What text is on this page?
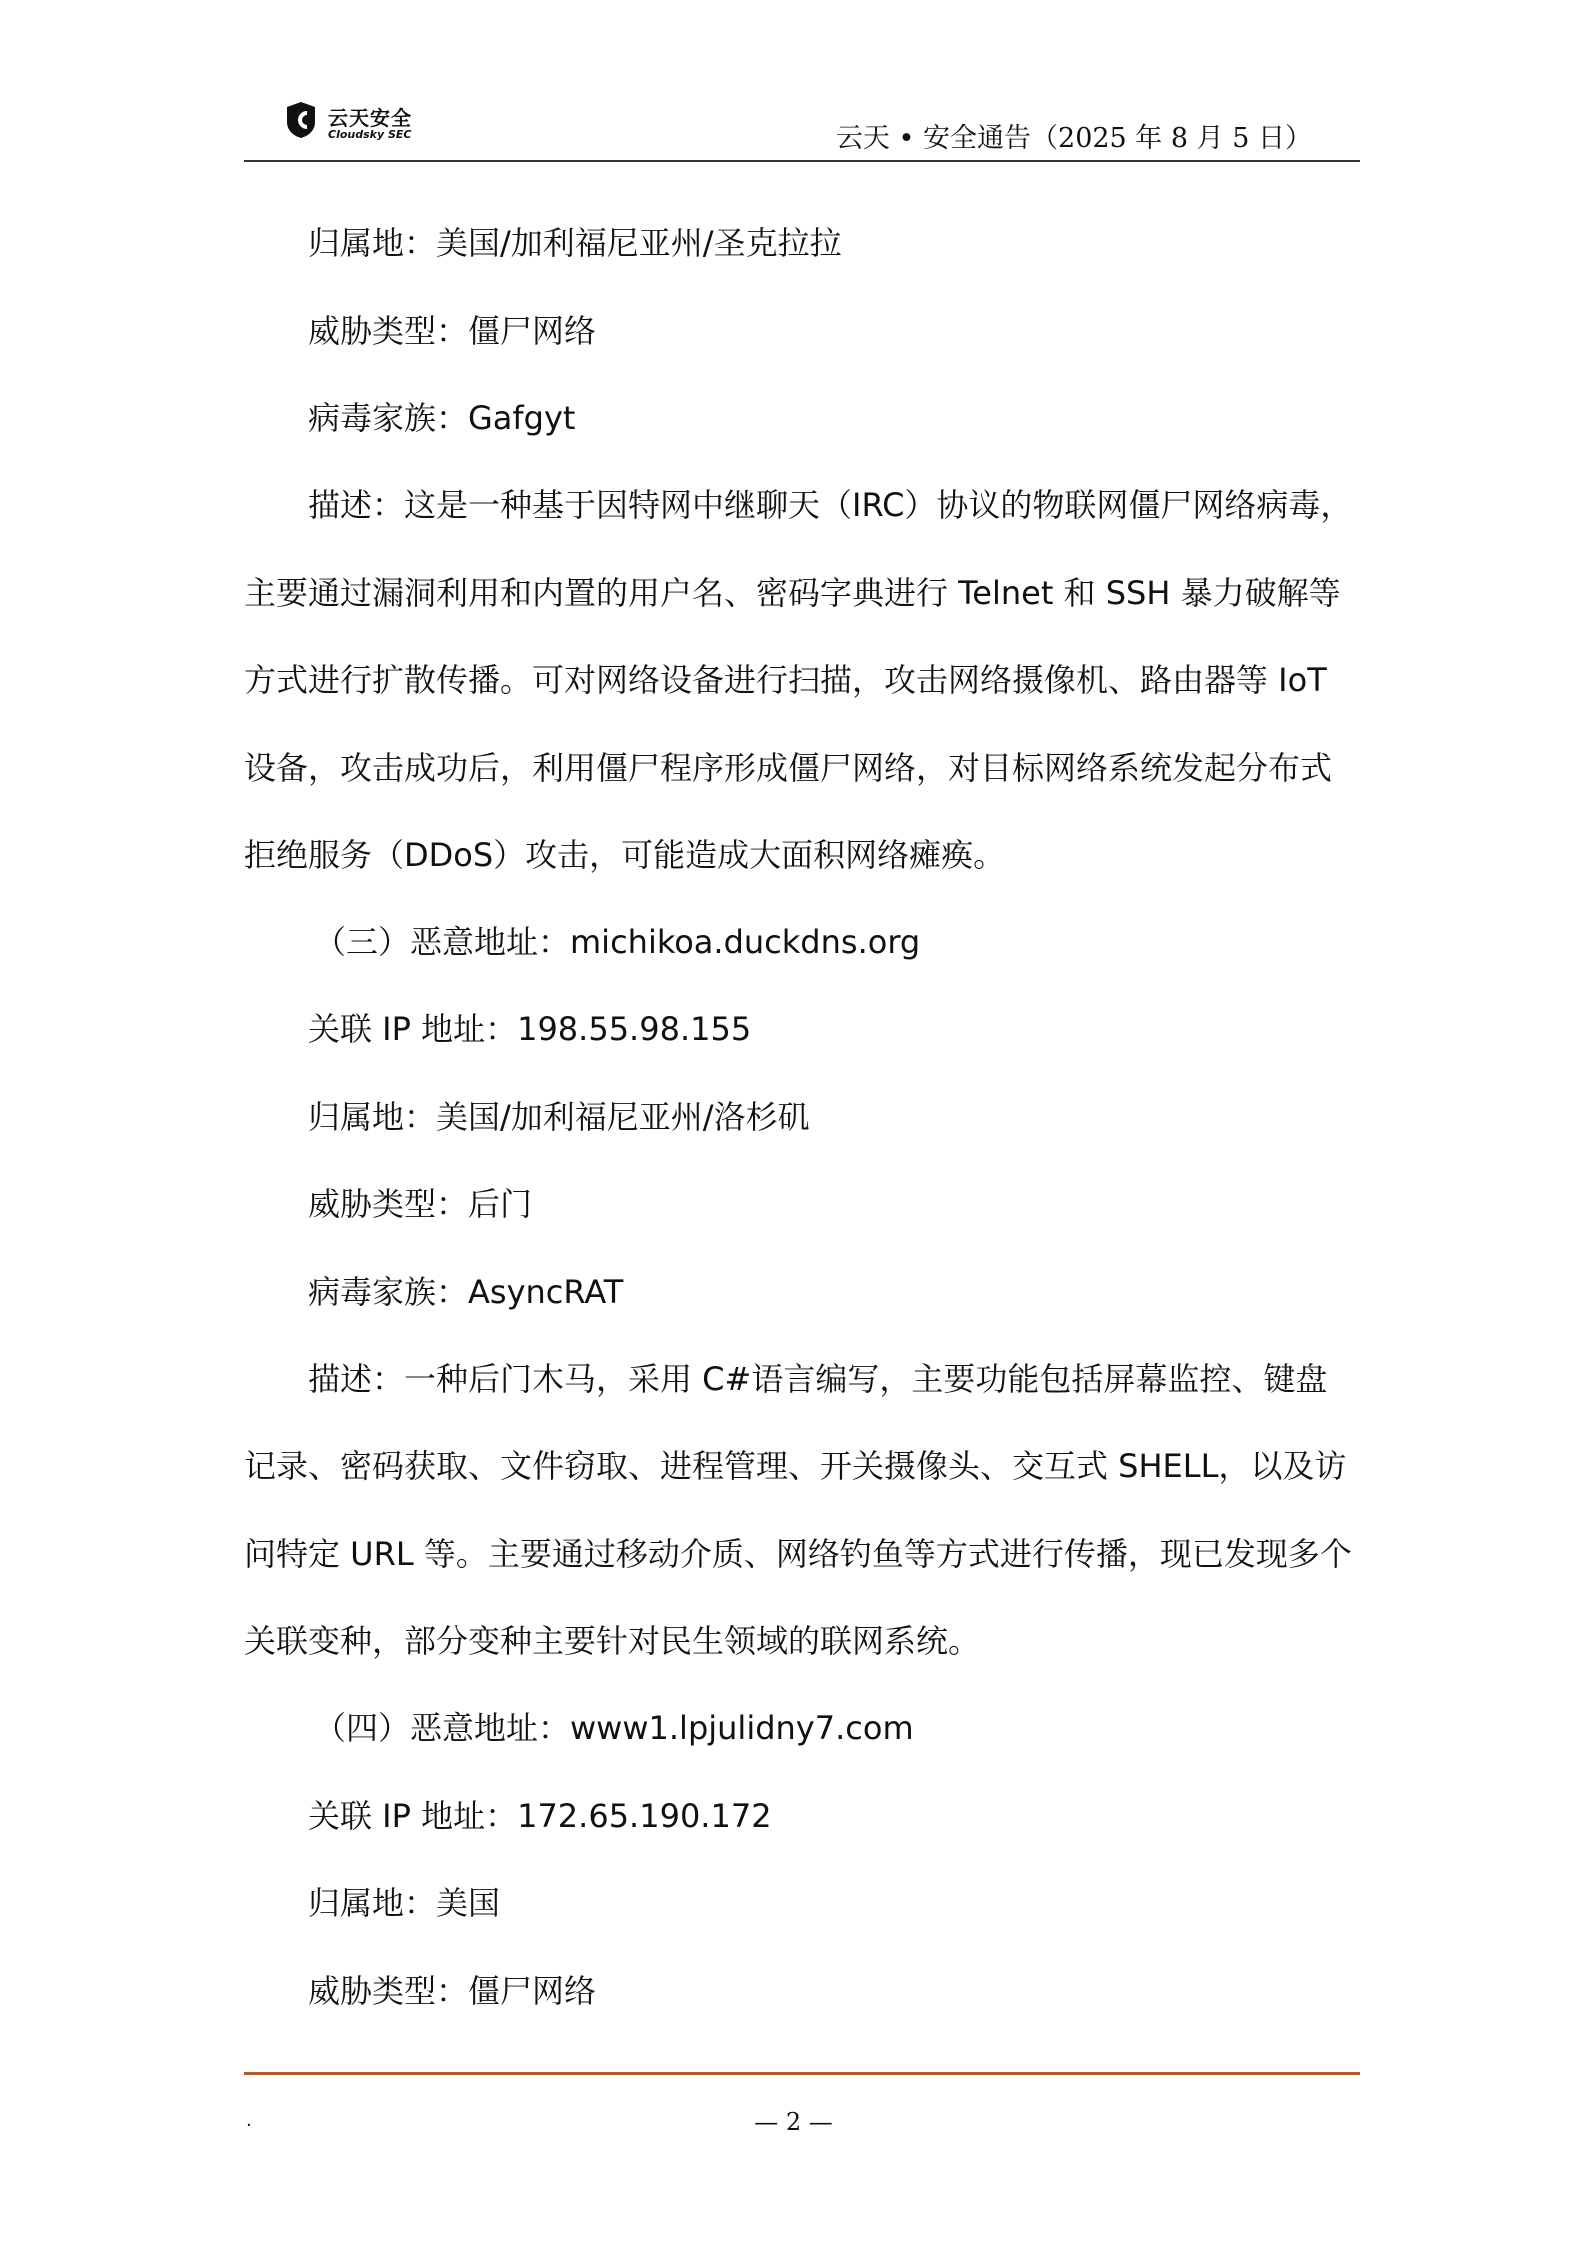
云天安全
Cloudsky SEC	云天 • 安全通告（2025 年 8 月 5 日）
归属地：美国/加利福尼亚州/圣克拉拉
威胁类型：僵尸网络
病毒家族：Gafgyt
描述：这是一种基于因特网中继聊天（IRC）协议的物联网僵尸网络病毒，
主要通过漏洞利用和内置的用户名、密码字典进行 Telnet 和 SSH 暴力破解等
方式进行扩散传播。可对网络设备进行扫描，攻击网络摄像机、路由器等 IoT
设备，攻击成功后，利用僵尸程序形成僵尸网络，对目标网络系统发起分布式
拒绝服务（DDoS）攻击，可能造成大面积网络瘫痪。
（三）恶意地址：michikoa.duckdns.org
关联 IP 地址：198.55.98.155
归属地：美国/加利福尼亚州/洛杉矶
威胁类型：后门
病毒家族：AsyncRAT
描述：一种后门木马，采用 C#语言编写，主要功能包括屏幕监控、键盘
记录、密码获取、文件窃取、进程管理、开关摄像头、交互式 SHELL，以及访
问特定 URL 等。主要通过移动介质、网络钓鱼等方式进行传播，现已发现多个
关联变种，部分变种主要针对民生领域的联网系统。
（四）恶意地址：www1.lpjulidny7.com
关联 IP 地址：172.65.190.172
归属地：美国
威胁类型：僵尸网络
.	— 2 —
